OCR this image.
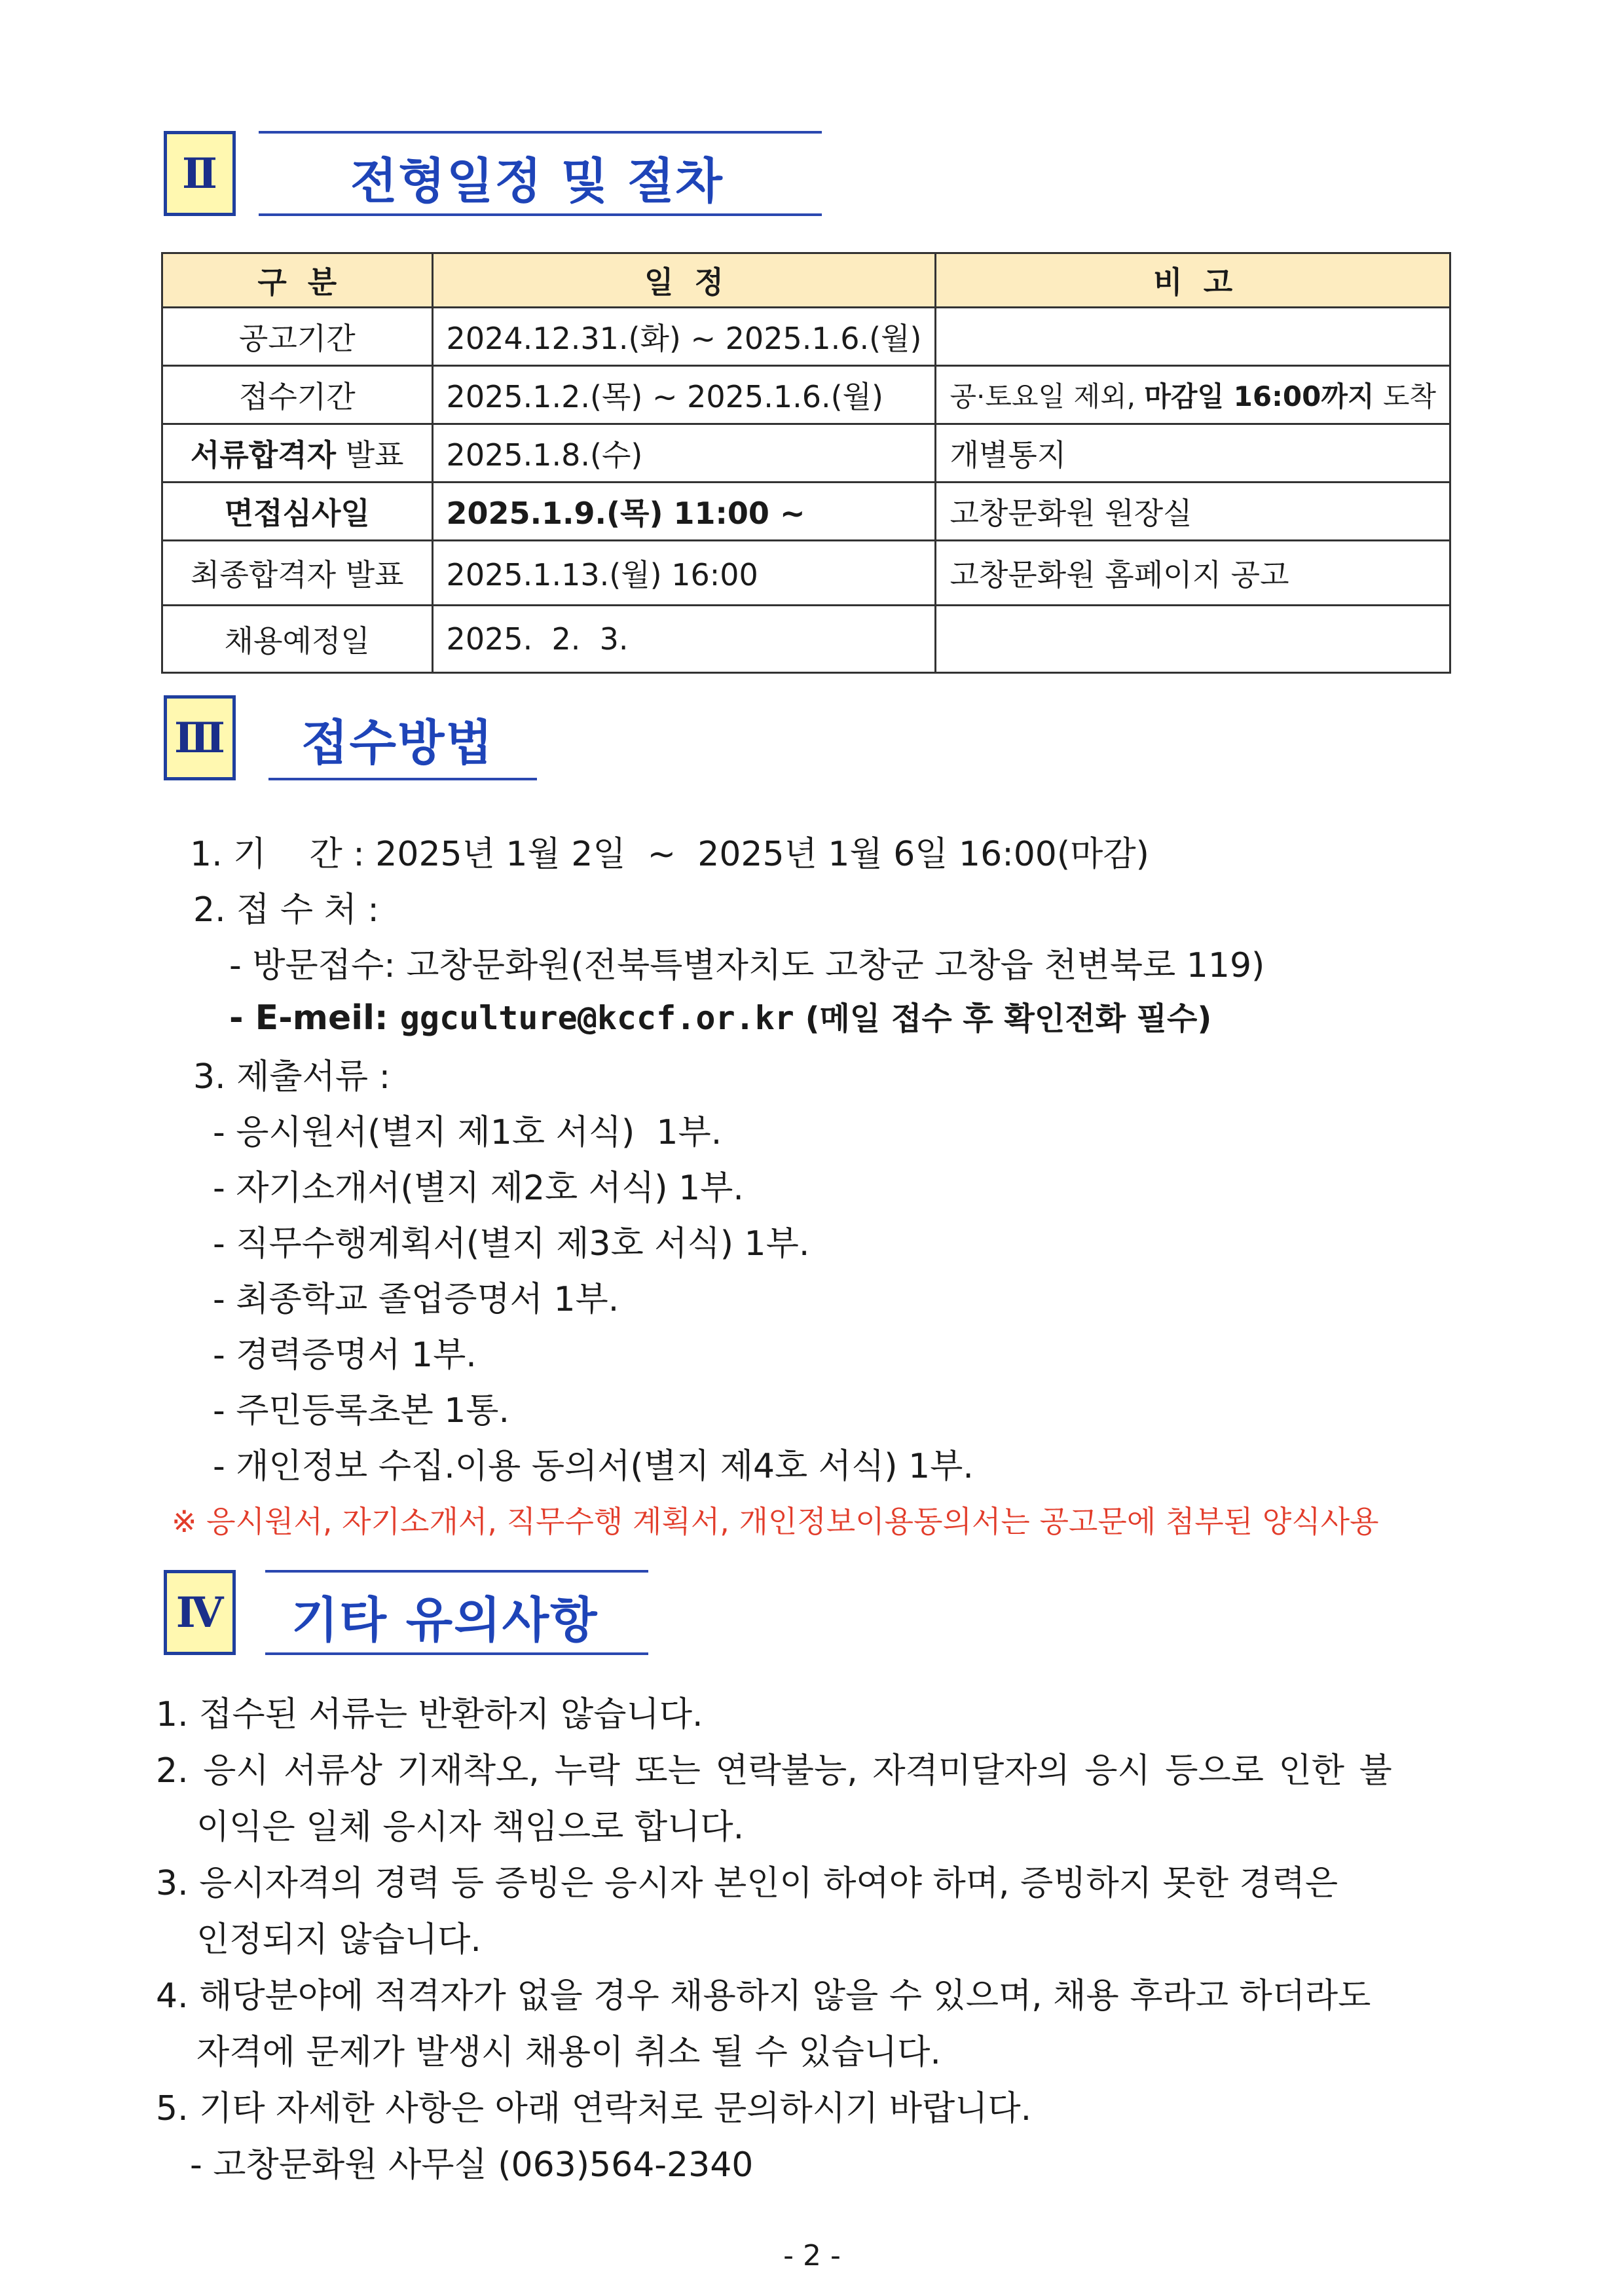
Ⅱ	전형일정 및 절차
구  분	일  정	비  고
공고기간	2024.12.31.(화) ~ 2025.1.6.(월)	
접수기간	2025.1.2.(목) ~ 2025.1.6.(월)	공·토요일 제외, 마감일 16:00까지 도착
서류합격자 발표	2025.1.8.(수)	개별통지
면접심사일	2025.1.9.(목) 11:00 ~	고창문화원 원장실
최종합격자 발표	2025.1.13.(월) 16:00	고창문화원 홈페이지 공고
채용예정일	2025.  2.  3.	
Ⅲ 접수방법
1. 기    간 : 2025년 1월 2일  ~  2025년 1월 6일 16:00(마감)
2. 접 수 처 :
- 방문접수: 고창문화원(전북특별자치도 고창군 고창읍 천변북로 119)
- E-meil: ggculture@kccf.or.kr (메일 접수 후 확인전화 필수)
3. 제출서류 :
- 응시원서(별지 제1호 서식)  1부.
- 자기소개서(별지 제2호 서식) 1부.
- 직무수행계획서(별지 제3호 서식) 1부.
- 최종학교 졸업증명서 1부.
- 경력증명서 1부.
- 주민등록초본 1통.
- 개인정보 수집.이용 동의서(별지 제4호 서식) 1부.
※ 응시원서, 자기소개서, 직무수행 계획서, 개인정보이용동의서는 공고문에 첨부된 양식사용
Ⅳ 기타 유의사항
1. 접수된 서류는 반환하지 않습니다.
2. 응시 서류상 기재착오, 누락 또는 연락불능, 자격미달자의 응시 등으로 인한 불
이익은 일체 응시자 책임으로 합니다.
3. 응시자격의 경력 등 증빙은 응시자 본인이 하여야 하며, 증빙하지 못한 경력은
인정되지 않습니다.
4. 해당분야에 적격자가 없을 경우 채용하지 않을 수 있으며, 채용 후라고 하더라도
자격에 문제가 발생시 채용이 취소 될 수 있습니다.
5. 기타 자세한 사항은 아래 연락처로 문의하시기 바랍니다.
- 고창문화원 사무실 (063)564-2340
- 2 -
